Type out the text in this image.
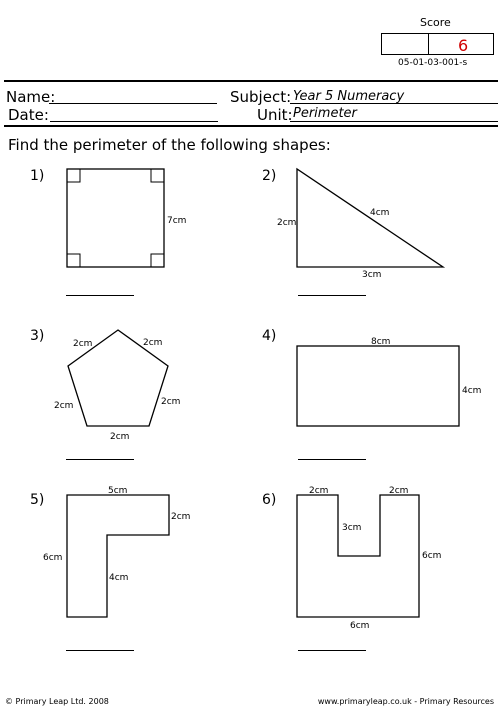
Score
6
05-01-03-001-s
Name:
Date:
Subject: Year 5 Numeracy
Unit: Perimeter
Find the perimeter of the following shapes:
1)	2)
3)	4)
5)	6)
7cm	2cm
4cm
3cm
2cm	2cm
2cm	2cm
2cm
8cm
4cm
5cm
2cm
6cm
4cm
2cm	2cm
3cm
6cm
6cm
© Primary Leap Ltd. 2008	www.primaryleap.co.uk - Primary Resources
